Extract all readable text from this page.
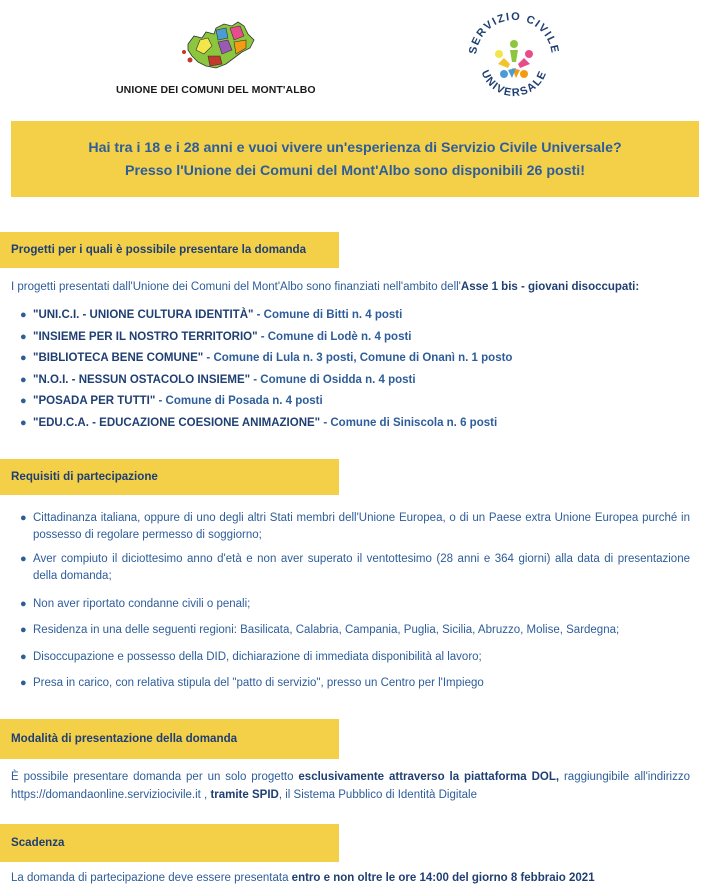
UNIONE DEI COMUNI DEL MONT'ALBO
SERVIZIO CIVILE
UNIVERSALE
Hai tra i 18 e i 28 anni e vuoi vivere un'esperienza di Servizio Civile Universale?
Presso l'Unione dei Comuni del Mont'Albo sono disponibili 26 posti!
Progetti per i quali è possibile presentare la domanda
I progetti presentati dall'Unione dei Comuni del Mont'Albo sono finanziati nell'ambito dell'Asse 1 bis - giovani disoccupati:
● "UNI.C.I. - UNIONE CULTURA IDENTITÀ" - Comune di Bitti n. 4 posti
● "INSIEME PER IL NOSTRO TERRITORIO" - Comune di Lodè n. 4 posti
● "BIBLIOTECA BENE COMUNE" - Comune di Lula n. 3 posti, Comune di Onanì n. 1 posto
● "N.O.I. - NESSUN OSTACOLO INSIEME" - Comune di Osidda n. 4 posti
● "POSADA PER TUTTI" - Comune di Posada n. 4 posti
● "EDU.C.A. - EDUCAZIONE COESIONE ANIMAZIONE" - Comune di Siniscola n. 6 posti
Requisiti di partecipazione
● Cittadinanza italiana, oppure di uno degli altri Stati membri dell'Unione Europea, o di un Paese extra Unione Europea purché in possesso di regolare permesso di soggiorno;
● Aver compiuto il diciottesimo anno d'età e non aver superato il ventottesimo (28 anni e 364 giorni) alla data di presentazione della domanda;
● Non aver riportato condanne civili o penali;
● Residenza in una delle seguenti regioni: Basilicata, Calabria, Campania, Puglia, Sicilia, Abruzzo, Molise, Sardegna;
● Disoccupazione e possesso della DID, dichiarazione di immediata disponibilità al lavoro;
● Presa in carico, con relativa stipula del "patto di servizio", presso un Centro per l'Impiego
Modalità di presentazione della domanda
È possibile presentare domanda per un solo progetto esclusivamente attraverso la piattaforma DOL, raggiungibile all'indirizzo https://domandaonline.serviziocivile.it , tramite SPID, il Sistema Pubblico di Identità Digitale
Scadenza
La domanda di partecipazione deve essere presentata entro e non oltre le ore 14:00 del giorno 8 febbraio 2021
